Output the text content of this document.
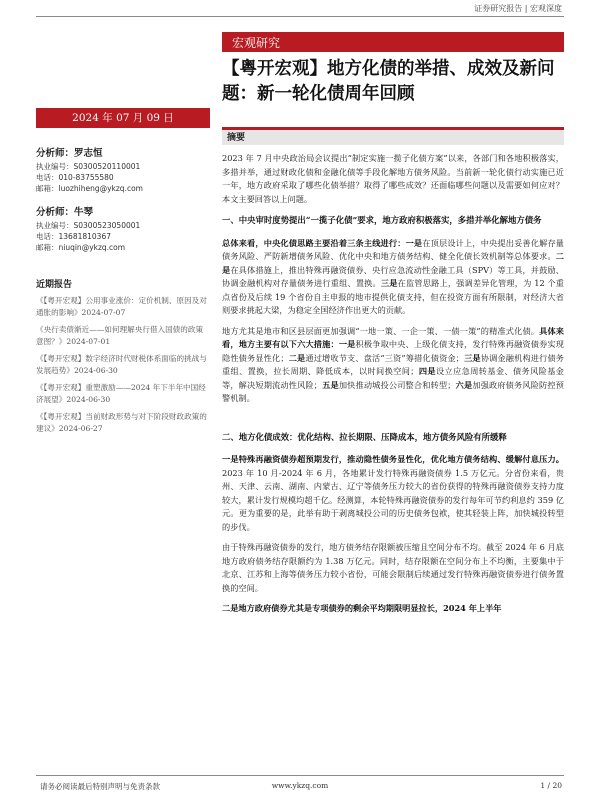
证券研究报告 | 宏观深度
宏观研究
【粤开宏观】地方化债的举措、成效及新问题：新一轮化债周年回顾
2024 年 07 月 09 日
摘要
分析师：罗志恒
执业编号：S0300520110001
电话：010-83755580
邮箱：luozhiheng@ykzq.com
分析师：牛琴
执业编号：S0300523050001
电话：13681810367
邮箱：niuqin@ykzq.com
近期报告
《【粤开宏观】公用事业涨价：定价机制、原因及对通胀的影响》2024-07-07
《央行卖债渐近——如何理解央行借入国债的政策意图？》2024-07-01
《【粤开宏观】数字经济时代财税体系面临的挑战与发展趋势》2024-06-30
《【粤开宏观】重塑激励——2024 年下半年中国经济展望》2024-06-30
《【粤开宏观】当前财政形势与对下阶段财政政策的建议》2024-06-27

2023 年 7 月中央政治局会议提出“制定实施一揽子化债方案”以来，各部门和各地积极落实，多措并举，通过财政化债和金融化债等手段化解地方债务风险。当前新一轮化债行动实施已近一年，地方政府采取了哪些化债举措？取得了哪些成效？还面临哪些问题以及需要如何应对？本文主要回答以上问题。

一、中央审时度势提出“一揽子化债”要求，地方政府积极落实，多措并举化解地方债务

总体来看，中央化债思路主要沿着三条主线进行：一是在顶层设计上，中央提出妥善化解存量债务风险、严防新增债务风险、优化中央和地方债务结构、健全化债长效机制等总体要求。二是在具体措施上，推出特殊再融资债券、央行应急流动性金融工具（SPV）等工具，并鼓励、协调金融机构对存量债务进行重组、置换。三是在监管思路上，强调差异化管理，为 12 个重点省份及后续 19 个省份自主申报的地市提供化债支持，但在投资方面有所限制，对经济大省则要求挑起大梁，为稳定全国经济作出更大的贡献。

地方尤其是地市和区县层面更加强调“一地一策、一企一策、一债一策”的精准式化债。具体来看，地方主要有以下六大措施：一是积极争取中央、上级化债支持，发行特殊再融资债券实现隐性债务显性化；二是通过增收节支、盘活“三资”筹措化债资金；三是协调金融机构进行债务重组、置换，拉长周期、降低成本，以时间换空间；四是设立应急周转基金、债务风险基金等，解决短期流动性风险；五是加快推动城投公司整合和转型；六是加强政府债务风险防控预警机制。

二、地方化债成效：优化结构、拉长期限、压降成本，地方债务风险有所缓释

一是特殊再融资债券超预期发行，推动隐性债务显性化，优化地方债务结构、缓解付息压力。2023 年 10 月-2024 年 6 月，各地累计发行特殊再融资债券 1.5 万亿元。分省份来看，贵州、天津、云南、湖南、内蒙古、辽宁等债务压力较大的省份获得的特殊再融资债券支持力度较大，累计发行规模均超千亿。经测算，本轮特殊再融资债券的发行每年可节约利息约 359 亿元。更为重要的是，此举有助于剥离城投公司的历史债务包袱，使其轻装上阵，加快城投转型的步伐。

由于特殊再融资债券的发行，地方债务结存限额被压缩且空间分布不均。截至 2024 年 6 月底地方政府债务结存限额约为 1.38 万亿元。同时，结存限额在空间分布上不均衡，主要集中于北京、江苏和上海等债务压力较小省份，可能会限制后续通过发行特殊再融资债券进行债务置换的空间。

二是地方政府债券尤其是专项债券的剩余平均期限明显拉长，2024 年上半年

请务必阅读最后特别声明与免责条款	www.ykzq.com	1 / 20
